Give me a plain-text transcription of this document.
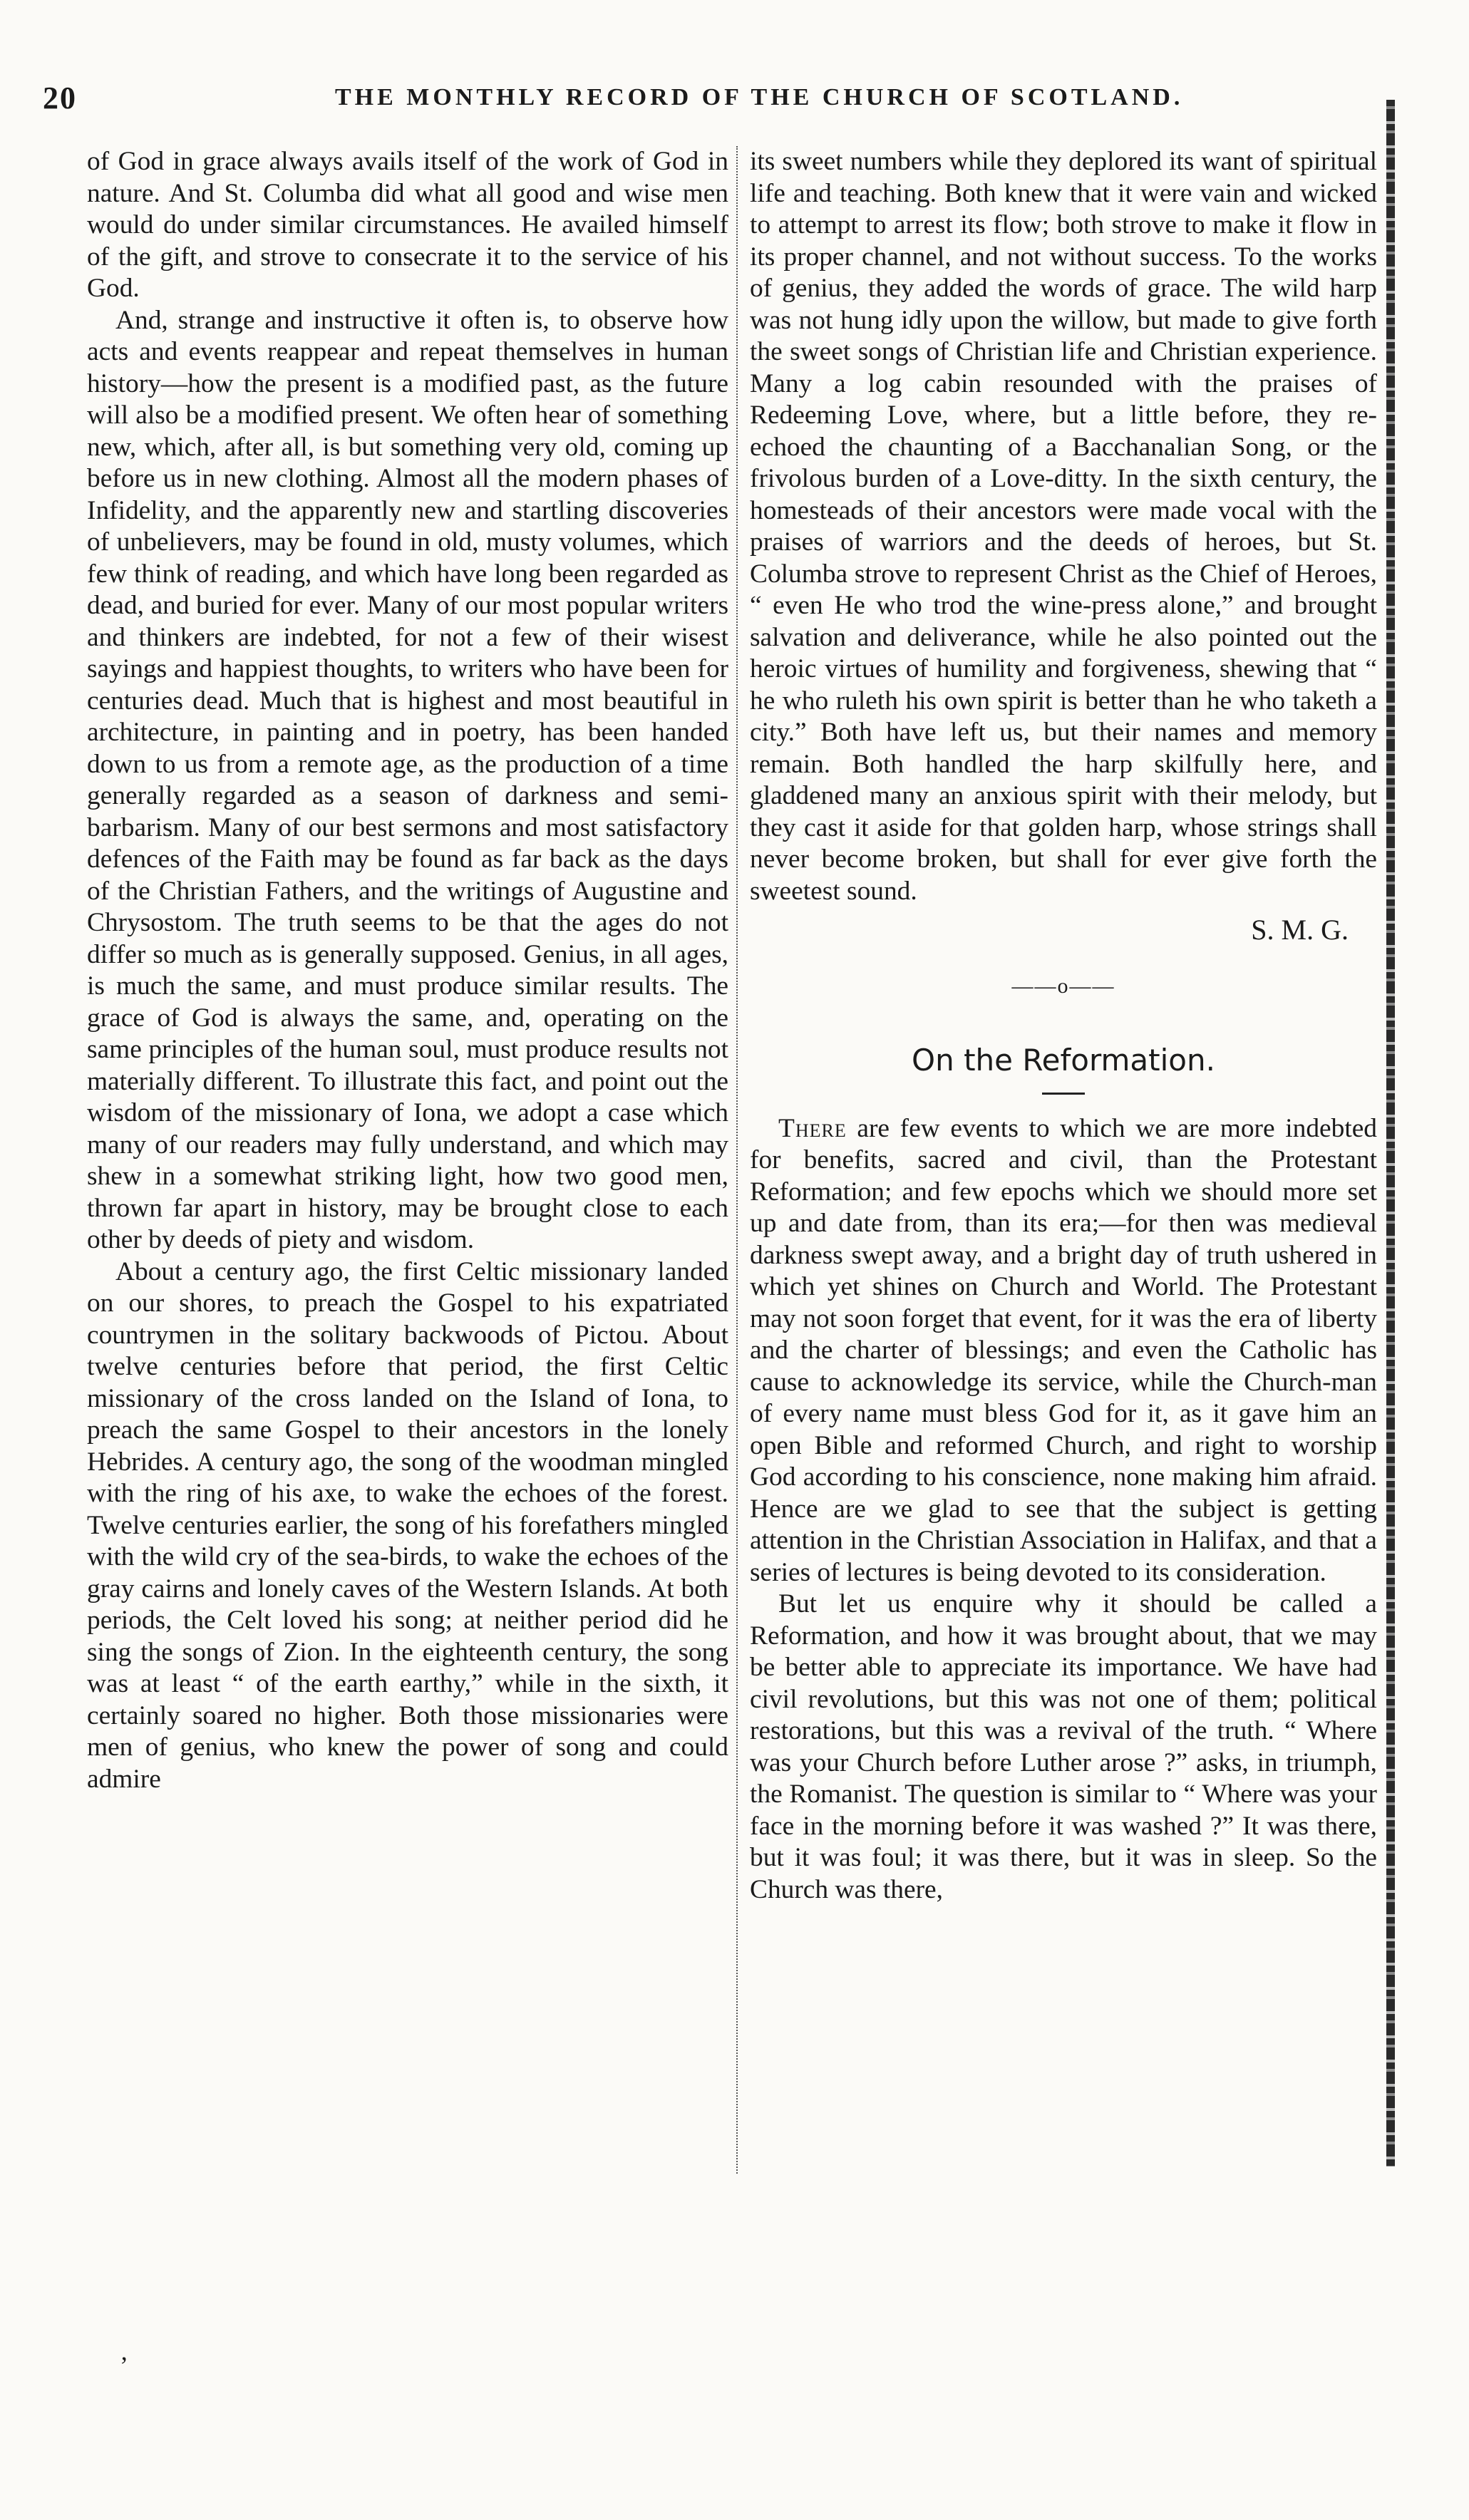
20	THE MONTHLY RECORD OF THE CHURCH OF SCOTLAND.

of God in grace always avails itself of the work of God in nature. And St. Columba did what all good and wise men would do under similar circumstances. He availed himself of the gift, and strove to consecrate it to the service of his God.

And, strange and instructive it often is, to observe how acts and events reappear and repeat themselves in human history—how the present is a modified past, as the future will also be a modified present. We often hear of something new, which, after all, is but something very old, coming up before us in new clothing. Almost all the modern phases of Infidelity, and the apparently new and startling discoveries of unbelievers, may be found in old, musty volumes, which few think of reading, and which have long been regarded as dead, and buried for ever. Many of our most popular writers and thinkers are indebted, for not a few of their wisest sayings and happiest thoughts, to writers who have been for centuries dead. Much that is highest and most beautiful in architecture, in painting and in poetry, has been handed down to us from a remote age, as the production of a time generally regarded as a season of darkness and semi-barbarism. Many of our best sermons and most satisfactory defences of the Faith may be found as far back as the days of the Christian Fathers, and the writings of Augustine and Chrysostom. The truth seems to be that the ages do not differ so much as is generally supposed. Genius, in all ages, is much the same, and must produce similar results. The grace of God is always the same, and, operating on the same principles of the human soul, must produce results not materially different. To illustrate this fact, and point out the wisdom of the missionary of Iona, we adopt a case which many of our readers may fully understand, and which may shew in a somewhat striking light, how two good men, thrown far apart in history, may be brought close to each other by deeds of piety and wisdom.

About a century ago, the first Celtic missionary landed on our shores, to preach the Gospel to his expatriated countrymen in the solitary backwoods of Pictou. About twelve centuries before that period, the first Celtic missionary of the cross landed on the Island of Iona, to preach the same Gospel to their ancestors in the lonely Hebrides. A century ago, the song of the woodman mingled with the ring of his axe, to wake the echoes of the forest. Twelve centuries earlier, the song of his forefathers mingled with the wild cry of the sea-birds, to wake the echoes of the gray cairns and lonely caves of the Western Islands. At both periods, the Celt loved his song; at neither period did he sing the songs of Zion. In the eighteenth century, the song was at least “ of the earth earthy,” while in the sixth, it certainly soared no higher. Both those missionaries were men of genius, who knew the power of song and could admire

its sweet numbers while they deplored its want of spiritual life and teaching. Both knew that it were vain and wicked to attempt to arrest its flow; both strove to make it flow in its proper channel, and not without success. To the works of genius, they added the words of grace. The wild harp was not hung idly upon the willow, but made to give forth the sweet songs of Christian life and Christian experience. Many a log cabin resounded with the praises of Redeeming Love, where, but a little before, they re-echoed the chaunting of a Bacchanalian Song, or the frivolous burden of a Love-ditty. In the sixth century, the homesteads of their ancestors were made vocal with the praises of warriors and the deeds of heroes, but St. Columba strove to represent Christ as the Chief of Heroes, “ even He who trod the wine-press alone,” and brought salvation and deliverance, while he also pointed out the heroic virtues of humility and forgiveness, shewing that “ he who ruleth his own spirit is better than he who taketh a city.” Both have left us, but their names and memory remain. Both handled the harp skilfully here, and gladdened many an anxious spirit with their melody, but they cast it aside for that golden harp, whose strings shall never become broken, but shall for ever give forth the sweetest sound.

S. M. G.
——o——
On the Reformation.

There are few events to which we are more indebted for benefits, sacred and civil, than the Protestant Reformation; and few epochs which we should more set up and date from, than its era;—for then was medieval darkness swept away, and a bright day of truth ushered in which yet shines on Church and World. The Protestant may not soon forget that event, for it was the era of liberty and the charter of blessings; and even the Catholic has cause to acknowledge its service, while the Church-man of every name must bless God for it, as it gave him an open Bible and reformed Church, and right to worship God according to his conscience, none making him afraid. Hence are we glad to see that the subject is getting attention in the Christian Association in Halifax, and that a series of lectures is being devoted to its consideration.

But let us enquire why it should be called a Reformation, and how it was brought about, that we may be better able to appreciate its importance. We have had civil revolutions, but this was not one of them; political restorations, but this was a revival of the truth. “ Where was your Church before Luther arose ?” asks, in triumph, the Romanist. The question is similar to “ Where was your face in the morning before it was washed ?” It was there, but it was foul; it was there, but it was in sleep. So the Church was there,

‚
